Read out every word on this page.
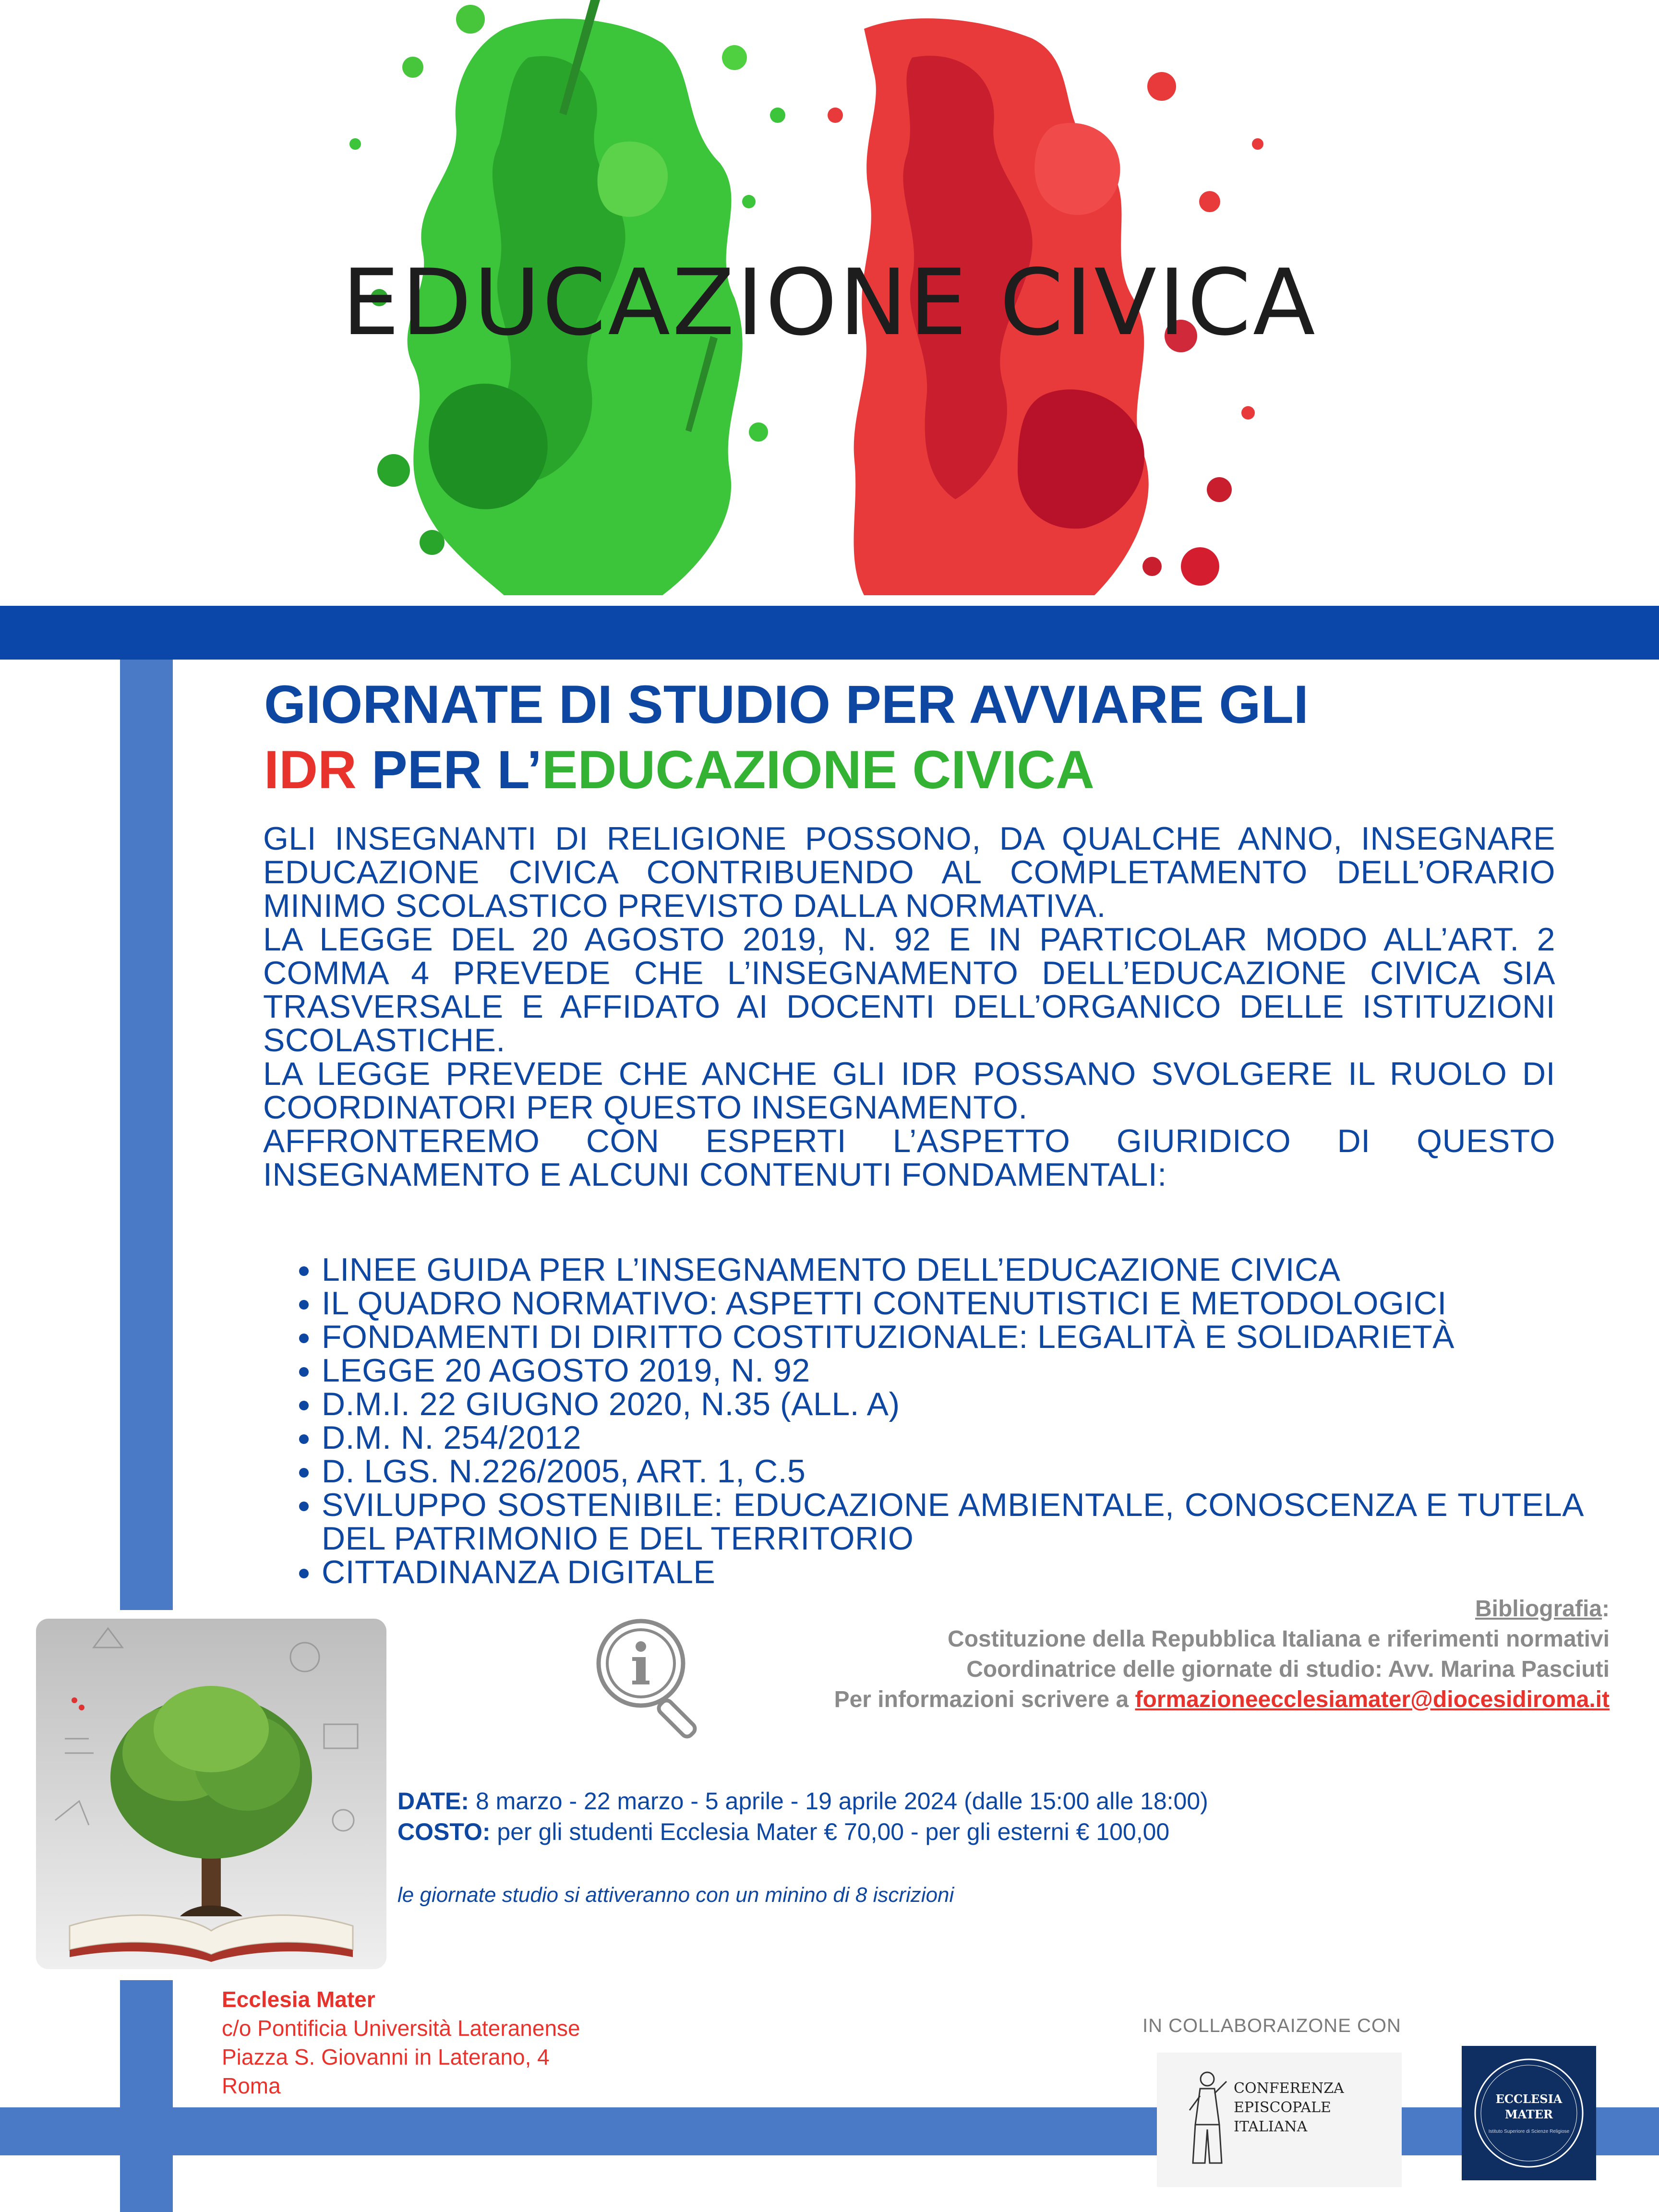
EDUCAZIONE CIVICA
GIORNATE DI STUDIO PER AVVIARE GLI
IDR PER L’EDUCAZIONE CIVICA

GLI INSEGNANTI DI RELIGIONE POSSONO, DA QUALCHE ANNO, INSEGNARE EDUCAZIONE CIVICA CONTRIBUENDO AL COMPLETAMENTO DELL’ORARIO MINIMO SCOLASTICO PREVISTO DALLA NORMATIVA.

LA LEGGE DEL 20 AGOSTO 2019, N. 92 E IN PARTICOLAR MODO ALL’ART. 2 COMMA 4 PREVEDE CHE L’INSEGNAMENTO DELL’EDUCAZIONE CIVICA SIA TRASVERSALE E AFFIDATO AI DOCENTI DELL’ORGANICO DELLE ISTITUZIONI SCOLASTICHE.

LA LEGGE PREVEDE CHE ANCHE GLI IDR POSSANO SVOLGERE IL RUOLO DI COORDINATORI PER QUESTO INSEGNAMENTO.

AFFRONTEREMO CON ESPERTI L’ASPETTO GIURIDICO DI QUESTO INSEGNAMENTO E ALCUNI CONTENUTI FONDAMENTALI:

• LINEE GUIDA PER L’INSEGNAMENTO DELL’EDUCAZIONE CIVICA
• IL QUADRO NORMATIVO: ASPETTI CONTENUTISTICI E METODOLOGICI
• FONDAMENTI DI DIRITTO COSTITUZIONALE: LEGALITÀ E SOLIDARIETÀ
• LEGGE 20 AGOSTO 2019, N. 92
• D.M.I. 22 GIUGNO 2020, N.35 (ALL. A)
• D.M. N. 254/2012
• D. LGS. N.226/2005, ART. 1, C.5
• SVILUPPO SOSTENIBILE: EDUCAZIONE AMBIENTALE, CONOSCENZA E TUTELA DEL PATRIMONIO E DEL TERRITORIO
• CITTADINANZA DIGITALE
Bibliografia:
Costituzione della Repubblica Italiana e riferimenti normativi
Coordinatrice delle giornate di studio: Avv. Marina Pasciuti
Per informazioni scrivere a formazioneecclesiamater@diocesidiroma.it
DATE: 8 marzo - 22 marzo - 5 aprile - 19 aprile 2024 (dalle 15:00 alle 18:00)
COSTO: per gli studenti Ecclesia Mater € 70,00 - per gli esterni € 100,00
le giornate studio si attiveranno con un minino di 8 iscrizioni
Ecclesia Mater
c/o Pontificia Università Lateranense
Piazza S. Giovanni in Laterano, 4
Roma
IN COLLABORAIZONE CON
CONFERENZA
EPISCOPALE
ITALIANA
ECCLESIA
MATER
Istituto Superiore di Scienze Religiose
